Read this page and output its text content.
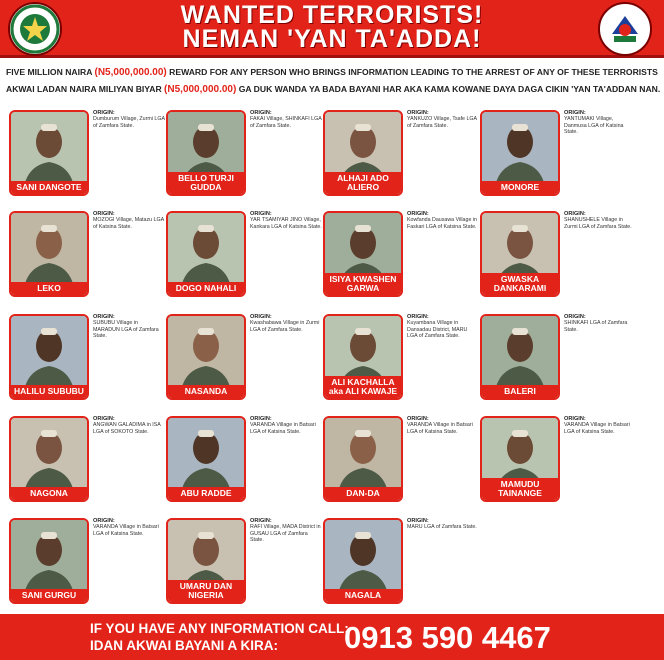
WANTED TERRORISTS!
NEMAN 'YAN TA'ADDA!
FIVE MILLION NAIRA (N5,000,000.00) REWARD FOR ANY PERSON WHO BRINGS INFORMATION LEADING TO THE ARREST OF ANY OF THESE TERRORISTS
AKWAI LADAN NAIRA MILIYAN BIYAR (N5,000,000.00) GA DUK WANDA YA BADA BAYANI HAR AKA KAMA KOWANE DAYA DAGA CIKIN 'YAN TA'ADDAN NAN.
SANI DANGOTE
ORIGIN:
Dumburum Village, Zurmi LGA of Zamfara State.
BELLO TURJI
GUDDA
ORIGIN:
FAKAI Village, SHINKAFI LGA of Zamfara State.
ALHAJI ADO
ALIERO
ORIGIN:
YANKUZO Village, Tsafe LGA of Zamfara State.
MONORE
ORIGIN:
YANTUMAKI Village, Danmusa LGA of Katsina State.
LEKO
ORIGIN:
MOZOGI Village, Matazu LGA of Katsina State.
DOGO NAHALI
ORIGIN:
YAR TSAMIYAR JINO Village, Kankara LGA of Katsina State.
ISIYA KWASHEN
GARWA
ORIGIN:
Kowfanda Dausawa Village in Faskari LGA of Katsina State.
GWASKA
DANKARAMI
ORIGIN:
SHANUSHELE Village in Zurmi LGA of Zamfara State.
HALILU SUBUBU
ORIGIN:
SUBUBU Village in MARADUN LGA of Zamfara State.
NASANDA
ORIGIN:
Kwashabawa Village in Zurmi LGA of Zamfara State.
ALI KACHALLA
aka ALI KAWAJE
ORIGIN:
Kuyambana Village in Dansadau District, MARU LGA of Zamfara State.
BALERI
ORIGIN:
SHINKAFI LGA of Zamfara State.
NAGONA
ORIGIN:
ANGWAN GALADIMA in ISA LGA of SOKOTO State.
ABU RADDE
ORIGIN:
VARANDA Village in Batsari LGA of Katsina State.
DAN-DA
ORIGIN:
VARANDA Village in Batsari LGA of Katsina State.
MAMUDU
TAINANGE
ORIGIN:
VARANDA Village in Batsari LGA of Katsina State.
SANI GURGU
ORIGIN:
VARANDA Village in Batsari LGA of Katsina State.
UMARU DAN
NIGERIA
ORIGIN:
RAFI Village, MADA District in GUSAU LGA of Zamfara State.
NAGALA
ORIGIN:
MARU LGA of Zamfara State.
IF YOU HAVE ANY INFORMATION CALL:
IDAN AKWAI BAYANI A KIRA:	0913 590 4467
